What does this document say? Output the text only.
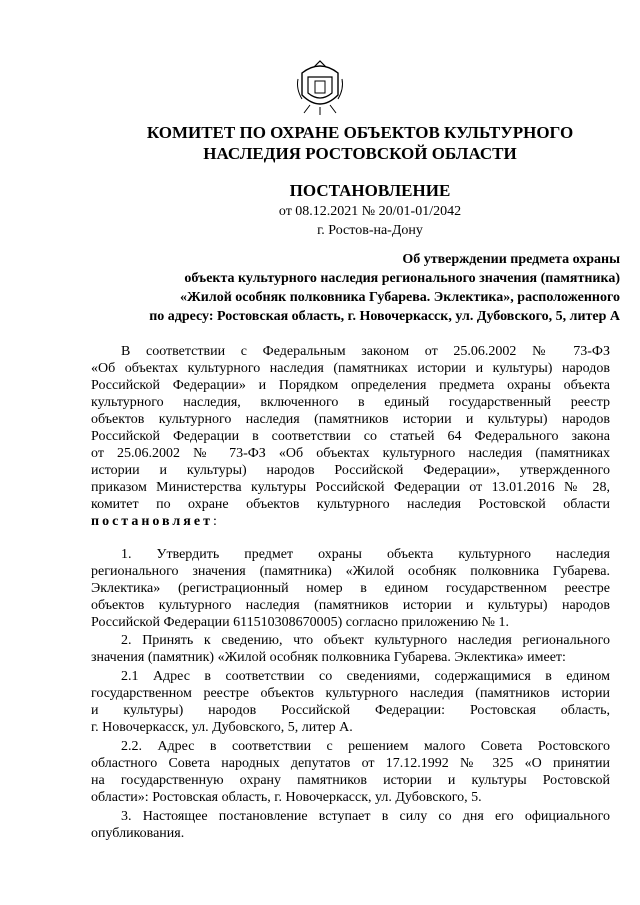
КОМИТЕТ ПО ОХРАНЕ ОБЪЕКТОВ КУЛЬТУРНОГО
НАСЛЕДИЯ РОСТОВСКОЙ ОБЛАСТИ
ПОСТАНОВЛЕНИЕ
от 08.12.2021 № 20/01-01/2042
г. Ростов-на-Дону
Об утверждении предмета охраны
объекта культурного наследия регионального значения (памятника)
«Жилой особняк полковника Губарева. Эклектика», расположенного
по адресу: Ростовская область, г. Новочеркасск, ул. Дубовского, 5, литер А
В соответствии с Федеральным законом от 25.06.2002 № 73-ФЗ
«Об объектах культурного наследия (памятниках истории и культуры) народов
Российской Федерации» и Порядком определения предмета охраны объекта
культурного наследия, включенного в единый государственный реестр
объектов культурного наследия (памятников истории и культуры) народов
Российской Федерации в соответствии со статьей 64 Федерального закона
от 25.06.2002 № 73-ФЗ «Об объектах культурного наследия (памятниках
истории и культуры) народов Российской Федерации», утвержденного
приказом Министерства культуры Российской Федерации от 13.01.2016 № 28,
комитет по охране объектов культурного наследия Ростовской области
постановляет:
1. Утвердить предмет охраны объекта культурного наследия
регионального значения (памятника) «Жилой особняк полковника Губарева.
Эклектика» (регистрационный номер в едином государственном реестре
объектов культурного наследия (памятников истории и культуры) народов
Российской Федерации 611510308670005) согласно приложению № 1.
2. Принять к сведению, что объект культурного наследия регионального
значения (памятник) «Жилой особняк полковника Губарева. Эклектика» имеет:
2.1 Адрес в соответствии со сведениями, содержащимися в едином
государственном реестре объектов культурного наследия (памятников истории
и культуры) народов Российской Федерации: Ростовская область,
г. Новочеркасск, ул. Дубовского, 5, литер А.
2.2. Адрес в соответствии с решением малого Совета Ростовского
областного Совета народных депутатов от 17.12.1992 № 325 «О принятии
на государственную охрану памятников истории и культуры Ростовской
области»: Ростовская область, г. Новочеркасск, ул. Дубовского, 5.
3. Настоящее постановление вступает в силу со дня его официального
опубликования.
